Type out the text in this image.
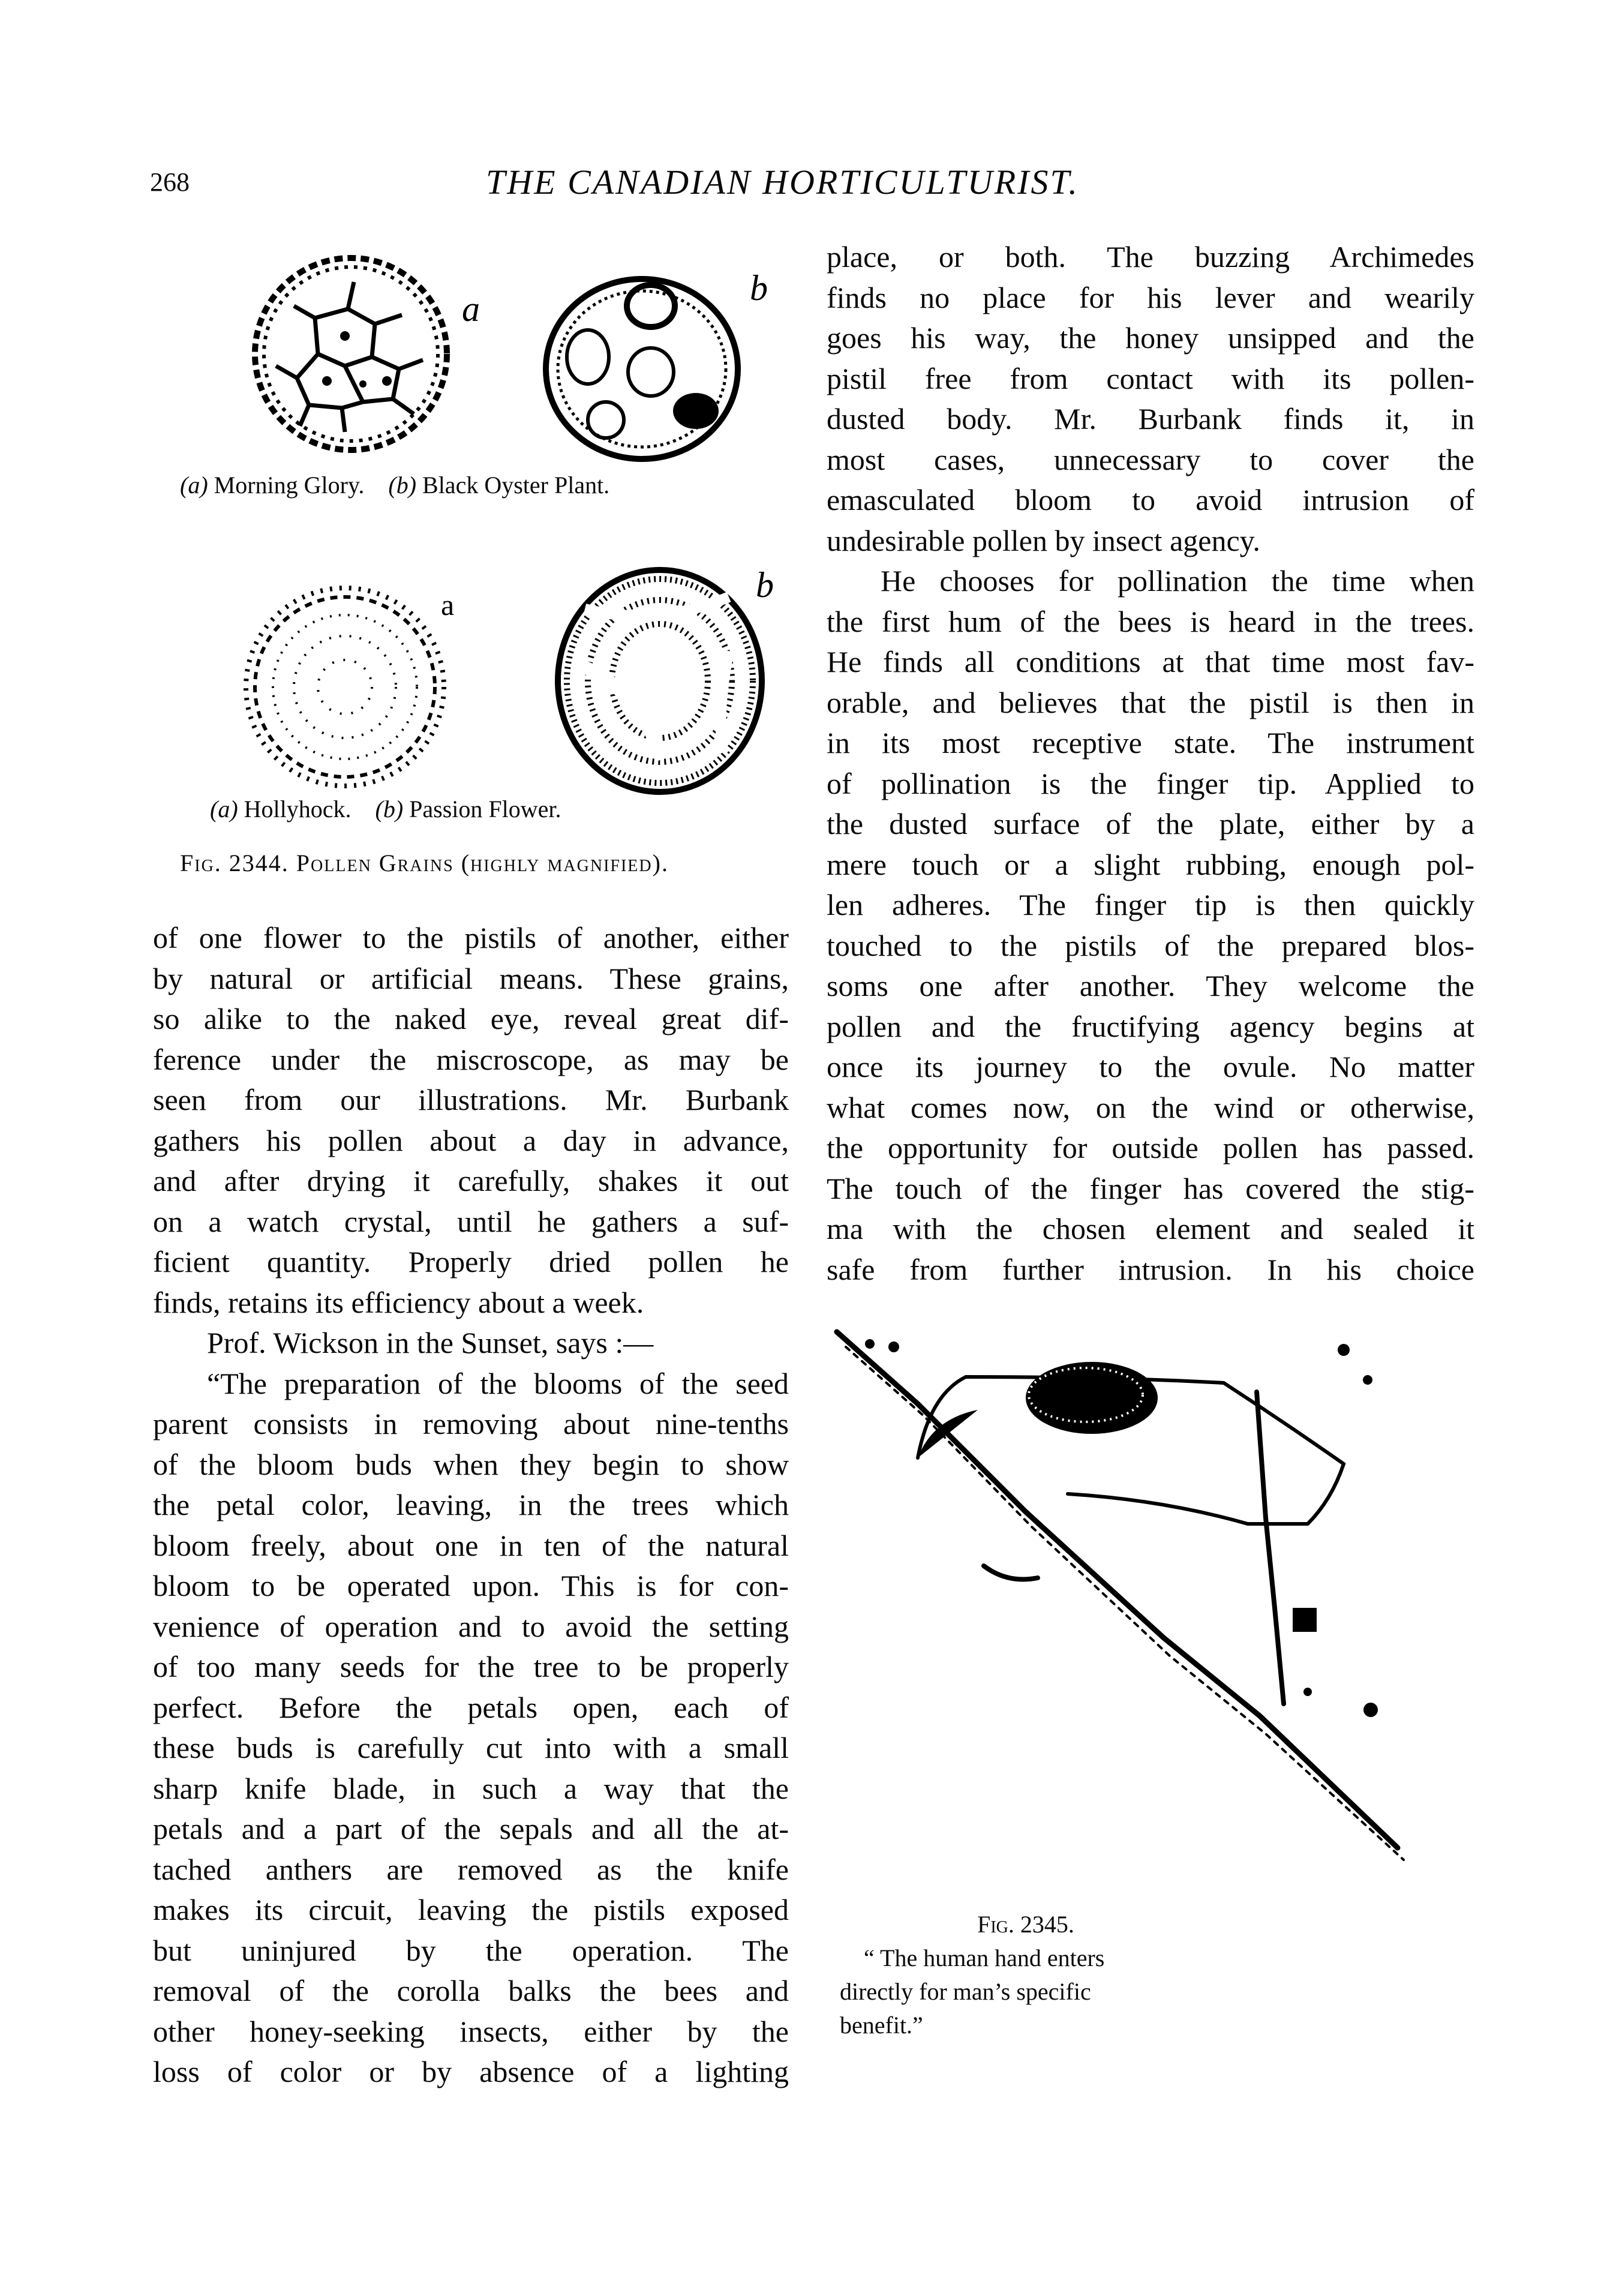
268	THE CANADIAN HORTICULTURIST.
a
b
(a) Morning Glory. (b) Black Oyster Plant.
a	b
(a) Hollyhock. (b) Passion Flower.
Fig. 2344. Pollen Grains (highly magnified).

of one flower to the pistils of another, either
by natural or artificial means. These grains,
so alike to the naked eye, reveal great dif-
ference under the miscroscope, as may be
seen from our illustrations. Mr. Burbank
gathers his pollen about a day in advance,
and after drying it carefully, shakes it out
on a watch crystal, until he gathers a suf-
ficient quantity. Properly dried pollen he
finds, retains its efficiency about a week.

Prof. Wickson in the Sunset, says :—

“The preparation of the blooms of the seed
parent consists in removing about nine-tenths
of the bloom buds when they begin to show
the petal color, leaving, in the trees which
bloom freely, about one in ten of the natural
bloom to be operated upon. This is for con-
venience of operation and to avoid the setting
of too many seeds for the tree to be properly
perfect. Before the petals open, each of
these buds is carefully cut into with a small
sharp knife blade, in such a way that the
petals and a part of the sepals and all the at-
tached anthers are removed as the knife
makes its circuit, leaving the pistils exposed
but uninjured by the operation. The
removal of the corolla balks the bees and
other honey-seeking insects, either by the
loss of color or by absence of a lighting

place, or both. The buzzing Archimedes
finds no place for his lever and wearily
goes his way, the honey unsipped and the
pistil free from contact with its pollen-
dusted body. Mr. Burbank finds it, in
most cases, unnecessary to cover the
emasculated bloom to avoid intrusion of
undesirable pollen by insect agency.

He chooses for pollination the time when
the first hum of the bees is heard in the trees.
He finds all conditions at that time most fav-
orable, and believes that the pistil is then in
in its most receptive state. The instrument
of pollination is the finger tip. Applied to
the dusted surface of the plate, either by a
mere touch or a slight rubbing, enough pol-
len adheres. The finger tip is then quickly
touched to the pistils of the prepared blos-
soms one after another. They welcome the
pollen and the fructifying agency begins at
once its journey to the ovule. No matter
what comes now, on the wind or otherwise,
the opportunity for outside pollen has passed.
The touch of the finger has covered the stig-
ma with the chosen element and sealed it
safe from further intrusion. In his choice

Fig. 2345.
“ The human hand enters
directly for man’s specific
benefit.”
